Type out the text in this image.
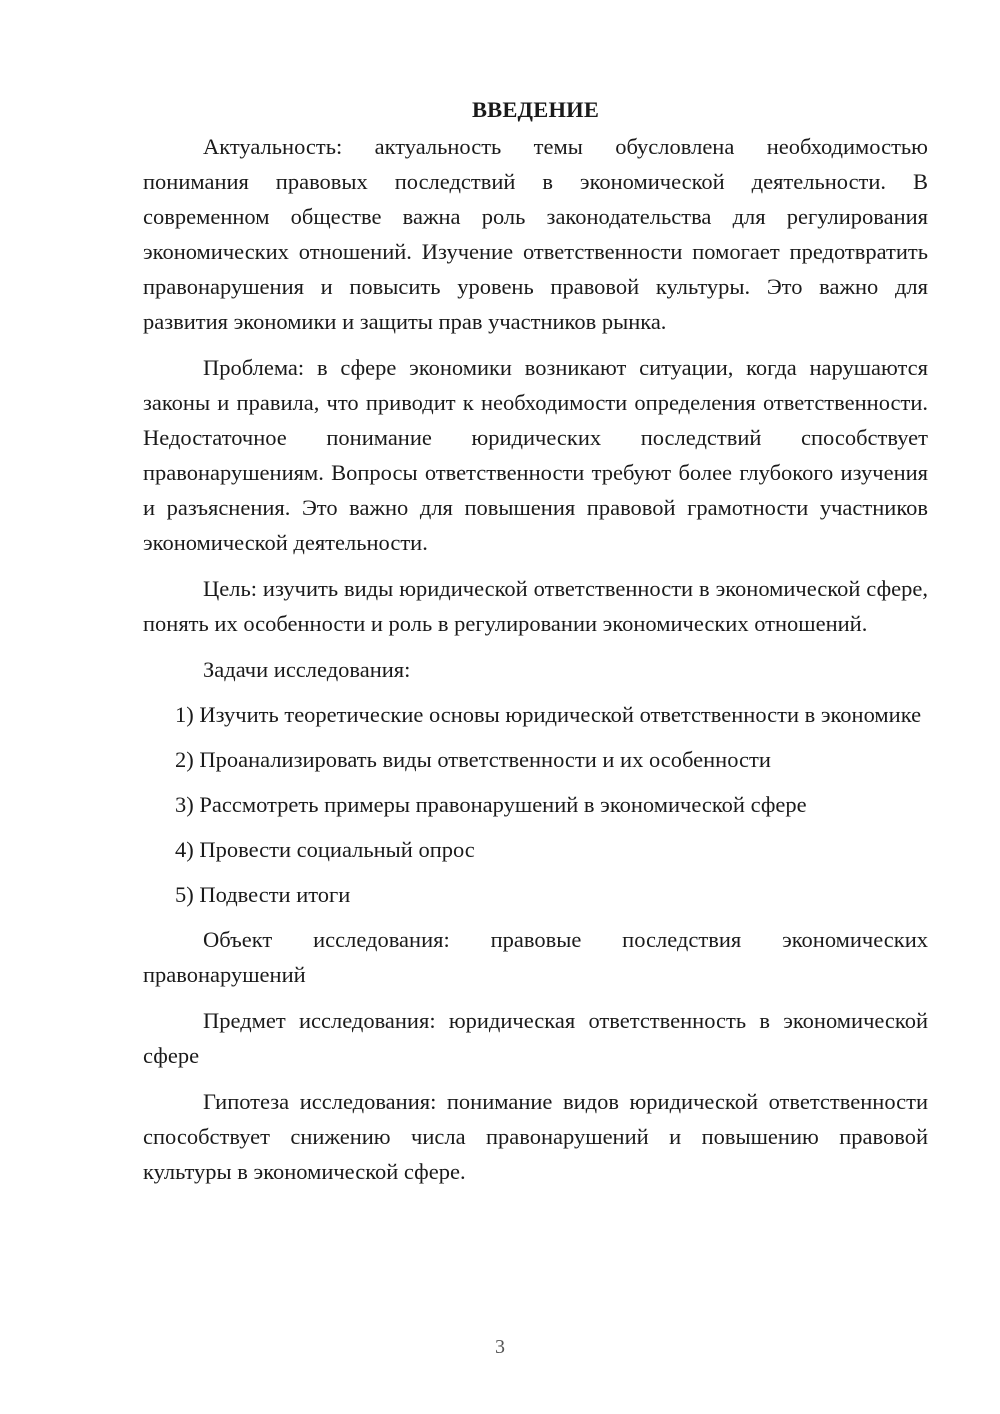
ВВЕДЕНИЕ

Актуальность: актуальность темы обусловлена необходимостью понимания правовых последствий в экономической деятельности. В современном обществе важна роль законодательства для регулирования экономических отношений. Изучение ответственности помогает предотвратить правонарушения и повысить уровень правовой культуры. Это важно для развития экономики и защиты прав участников рынка.

Проблема: в сфере экономики возникают ситуации, когда нарушаются законы и правила, что приводит к необходимости определения ответственности. Недостаточное понимание юридических последствий способствует правонарушениям. Вопросы ответственности требуют более глубокого изучения и разъяснения. Это важно для повышения правовой грамотности участников экономической деятельности.

Цель: изучить виды юридической ответственности в экономической сфере, понять их особенности и роль в регулировании экономических отношений.

Задачи исследования:

1) Изучить теоретические основы юридической ответственности в экономике

2) Проанализировать виды ответственности и их особенности

3) Рассмотреть примеры правонарушений в экономической сфере

4) Провести социальный опрос

5) Подвести итоги

Объект исследования: правовые последствия экономических правонарушений

Предмет исследования: юридическая ответственность в экономической сфере

Гипотеза исследования: понимание видов юридической ответственности способствует снижению числа правонарушений и повышению правовой культуры в экономической сфере.

3
